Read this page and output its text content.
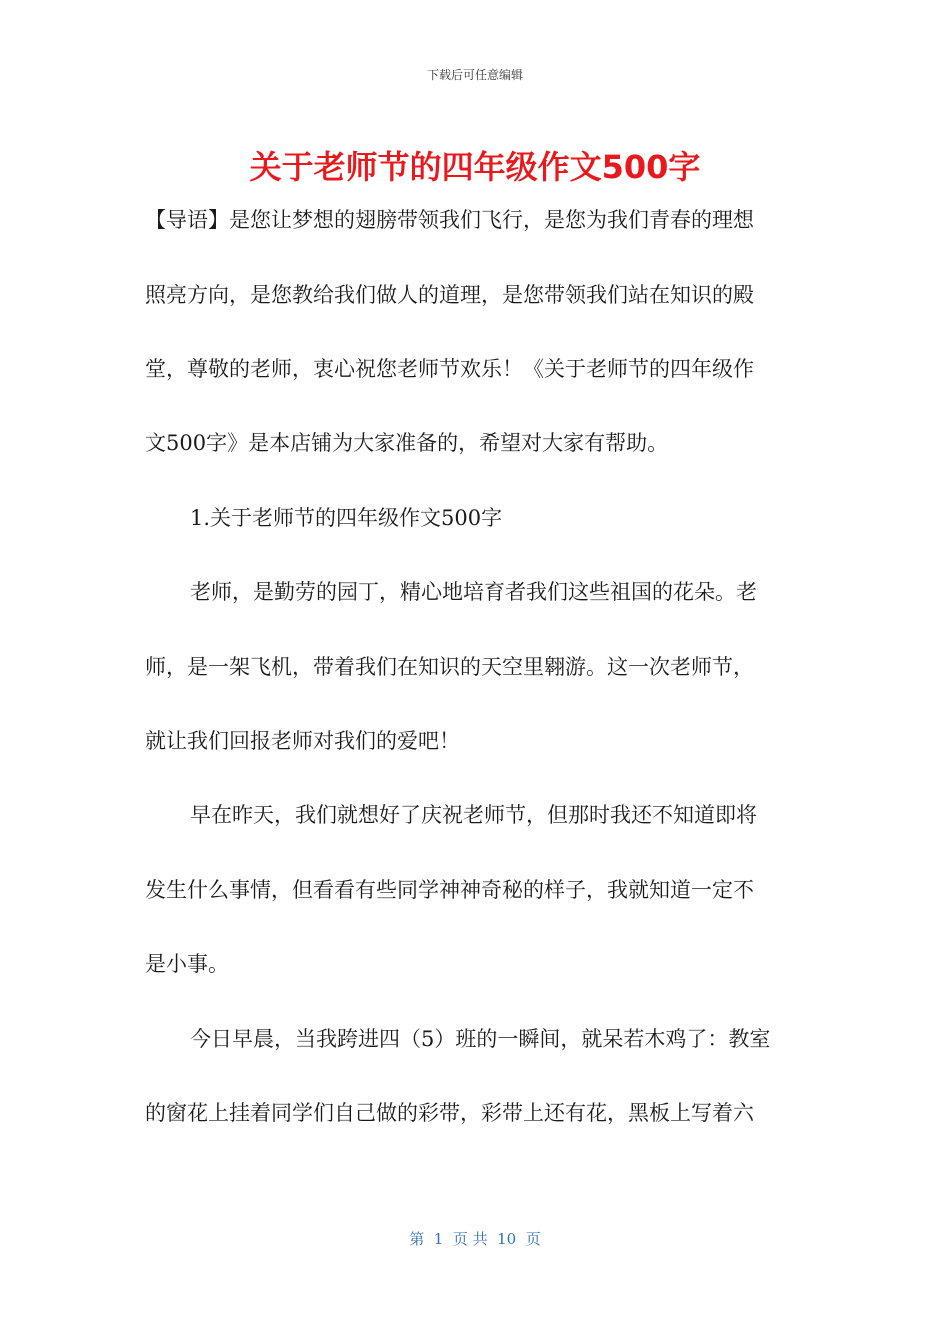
下载后可任意编辑
关于老师节的四年级作文500字
【导语】是您让梦想的翅膀带领我们飞行，是您为我们青春的理想
照亮方向，是您教给我们做人的道理，是您带领我们站在知识的殿
堂，尊敬的老师，衷心祝您老师节欢乐！《关于老师节的四年级作
文500字》是本店铺为大家准备的，希望对大家有帮助。
1.关于老师节的四年级作文500字
老师，是勤劳的园丁，精心地培育者我们这些祖国的花朵。老
师，是一架飞机，带着我们在知识的天空里翱游。这一次老师节，
就让我们回报老师对我们的爱吧！
早在昨天，我们就想好了庆祝老师节，但那时我还不知道即将
发生什么事情，但看看有些同学神神奇秘的样子，我就知道一定不
是小事。
今日早晨，当我跨进四（5）班的一瞬间，就呆若木鸡了：教室
的窗花上挂着同学们自己做的彩带，彩带上还有花，黑板上写着六
第  1  页 共  10  页
